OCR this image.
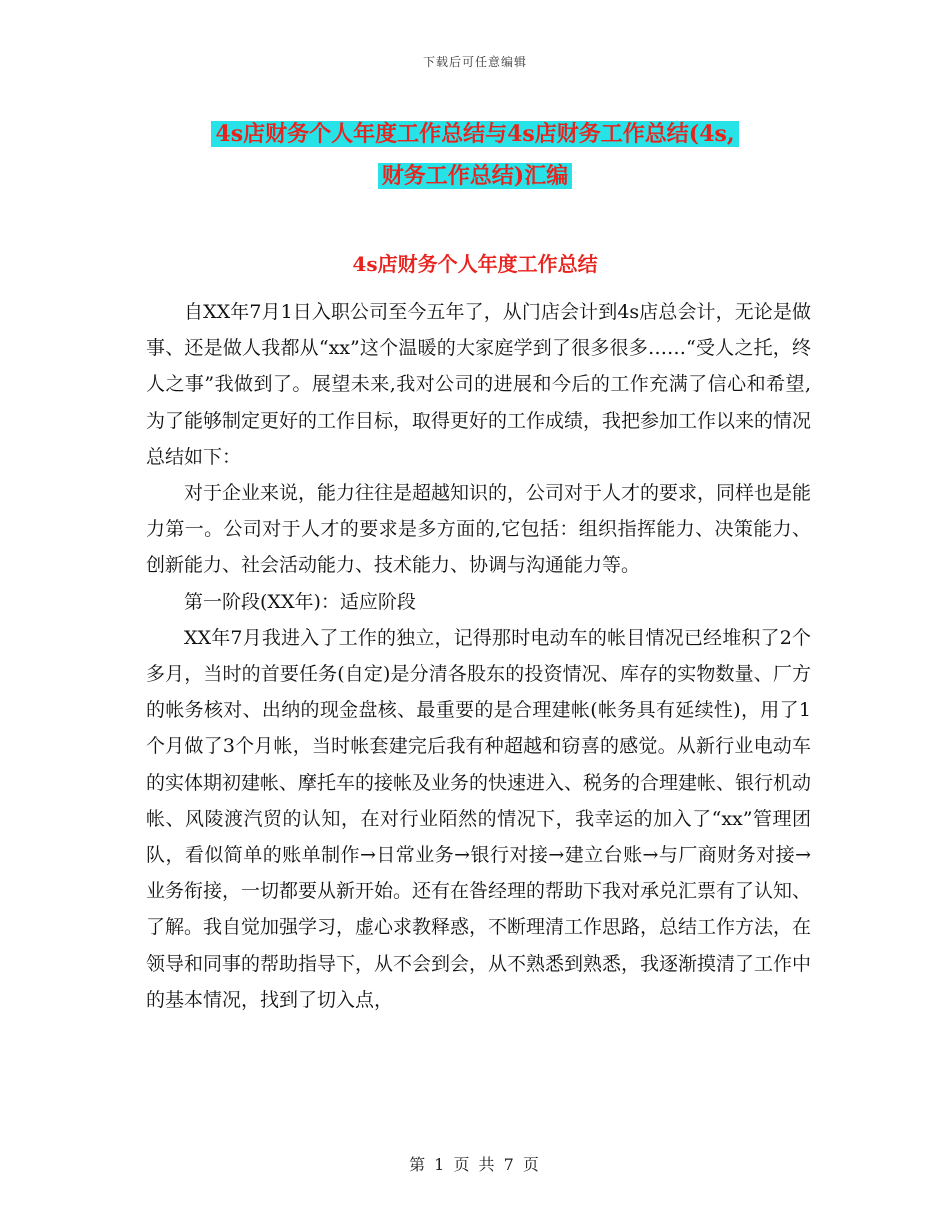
下载后可任意编辑
4s店财务个人年度工作总结与4s店财务工作总结(4s,
财务工作总结)汇编
4s店财务个人年度工作总结

自XX年7月1日入职公司至今五年了，从门店会计到4s店总会计，无论是做事、还是做人我都从“xx”这个温暖的大家庭学到了很多很多……“受人之托，终人之事”我做到了。展望未来,我对公司的进展和今后的工作充满了信心和希望,为了能够制定更好的工作目标，取得更好的工作成绩，我把参加工作以来的情况总结如下：

对于企业来说，能力往往是超越知识的，公司对于人才的要求，同样也是能力第一。公司对于人才的要求是多方面的,它包括：组织指挥能力、决策能力、创新能力、社会活动能力、技术能力、协调与沟通能力等。

第一阶段(XX年)：适应阶段

XX年7月我进入了工作的独立，记得那时电动车的帐目情况已经堆积了2个多月，当时的首要任务(自定)是分清各股东的投资情况、库存的实物数量、厂方的帐务核对、出纳的现金盘核、最重要的是合理建帐(帐务具有延续性)，用了1个月做了3个月帐，当时帐套建完后我有种超越和窃喜的感觉。从新行业电动车的实体期初建帐、摩托车的接帐及业务的快速进入、税务的合理建帐、银行机动帐、风陵渡汽贸的认知，在对行业陌然的情况下，我幸运的加入了“xx”管理团队，看似简单的账单制作→日常业务→银行对接→建立台账→与厂商财务对接→业务衔接，一切都要从新开始。还有在昝经理的帮助下我对承兑汇票有了认知、了解。我自觉加强学习，虚心求教释惑，不断理清工作思路，总结工作方法，在领导和同事的帮助指导下，从不会到会，从不熟悉到熟悉，我逐渐摸清了工作中的基本情况，找到了切入点，

第 1 页 共 7 页
